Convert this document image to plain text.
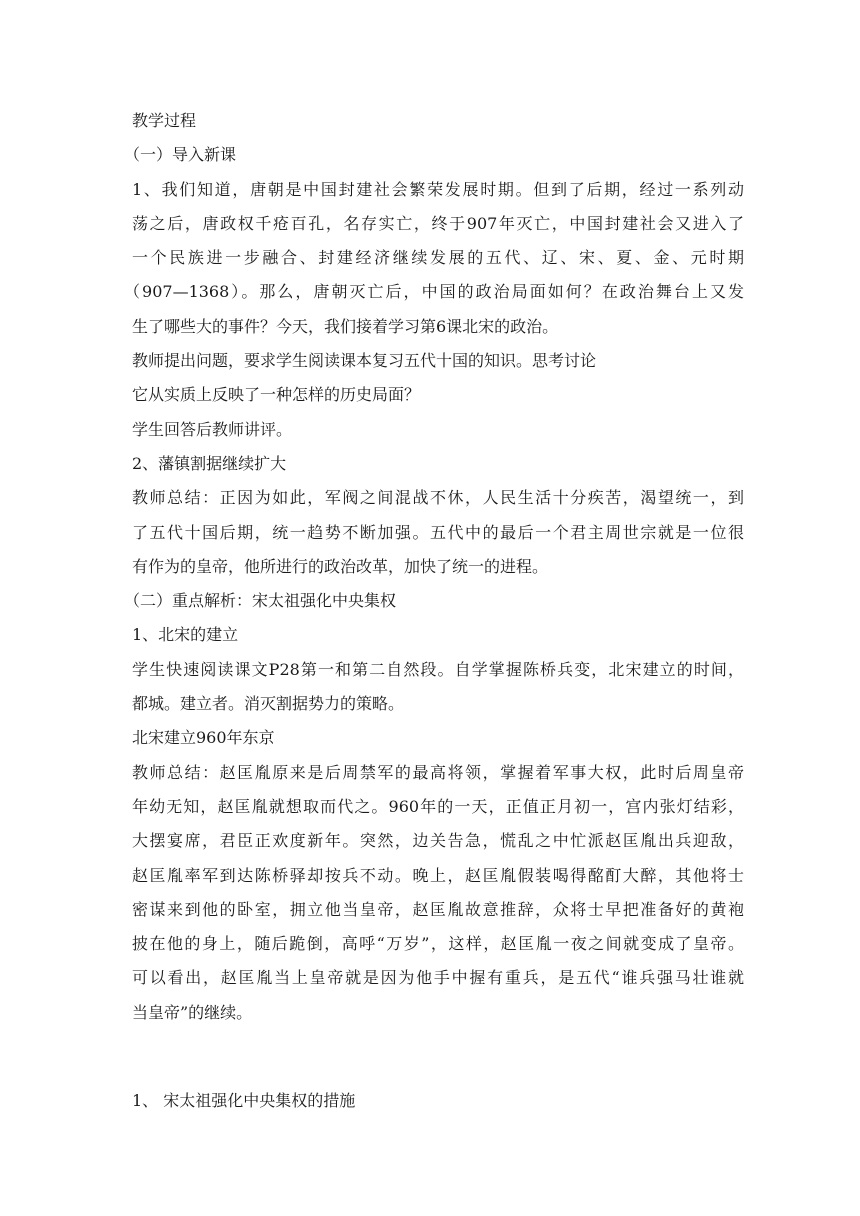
教学过程

（一）导入新课

1、我们知道，唐朝是中国封建社会繁荣发展时期。但到了后期，经过一系列动

荡之后，唐政权千疮百孔，名存实亡，终于907年灭亡，中国封建社会又进入了

一个民族进一步融合、封建经济继续发展的五代、辽、宋、夏、金、元时期

（907—1368）。那么，唐朝灭亡后，中国的政治局面如何？在政治舞台上又发

生了哪些大的事件？今天，我们接着学习第6课北宋的政治。

教师提出问题，要求学生阅读课本复习五代十国的知识。思考讨论

它从实质上反映了一种怎样的历史局面？

学生回答后教师讲评。

2、藩镇割据继续扩大

教师总结：正因为如此，军阀之间混战不休，人民生活十分疾苦，渴望统一，到

了五代十国后期，统一趋势不断加强。五代中的最后一个君主周世宗就是一位很

有作为的皇帝，他所进行的政治改革，加快了统一的进程。

（二）重点解析：宋太祖强化中央集权

1、北宋的建立

学生快速阅读课文P28第一和第二自然段。自学掌握陈桥兵变，北宋建立的时间，

都城。建立者。消灭割据势力的策略。

北宋建立960年东京

教师总结：赵匡胤原来是后周禁军的最高将领，掌握着军事大权，此时后周皇帝

年幼无知，赵匡胤就想取而代之。960年的一天，正值正月初一，宫内张灯结彩，

大摆宴席，君臣正欢度新年。突然，边关告急，慌乱之中忙派赵匡胤出兵迎敌，

赵匡胤率军到达陈桥驿却按兵不动。晚上，赵匡胤假装喝得酩酊大醉，其他将士

密谋来到他的卧室，拥立他当皇帝，赵匡胤故意推辞，众将士早把准备好的黄袍

披在他的身上，随后跪倒，高呼“万岁”，这样，赵匡胤一夜之间就变成了皇帝。

可以看出，赵匡胤当上皇帝就是因为他手中握有重兵，是五代“谁兵强马壮谁就

当皇帝”的继续。

1、 宋太祖强化中央集权的措施
